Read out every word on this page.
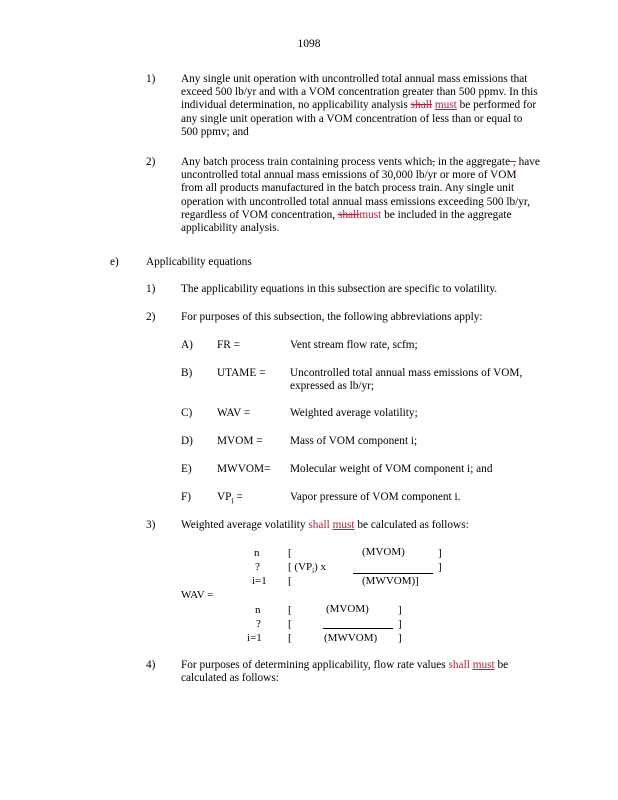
1098
1)	Any single unit operation with uncontrolled total annual mass emissions that exceed 500 lb/yr and with a VOM concentration greater than 500 ppmv. In this individual determination, no applicability analysis shall must be performed for any single unit operation with a VOM concentration of less than or equal to 500 ppmv; and
2)	Any batch process train containing process vents which, in the aggregate , have uncontrolled total annual mass emissions of 30,000 lb/yr or more of VOM from all products manufactured in the batch process train. Any single unit operation with uncontrolled total annual mass emissions exceeding 500 lb/yr, regardless of VOM concentration, shallmust be included in the aggregate applicability analysis.
e) Applicability equations
1)	The applicability equations in this subsection are specific to volatility.
2)	For purposes of this subsection, the following abbreviations apply:
A)	FR =	Vent stream flow rate, scfm;
B)	UTAME =	Uncontrolled total annual mass emissions of VOM, expressed as lb/yr;
C)	WAV =	Weighted average volatility;
D)	MVOM =	Mass of VOM component i;
E)	MWVOM=	Molecular weight of VOM component i; and
F)	$VP_i$ =	Vapor pressure of VOM component i.
3)	Weighted average volatility shall must be calculated as follows:
n	[	(MVOM)	]
?	[ $(VP_i)$ x	]
i=1 [	(MWVOM)]
WAV =
n	[	(MVOM)	]
? [	]
i=1 [	(MWVOM) ]
4)	For purposes of determining applicability, flow rate values shall must be calculated as follows:
